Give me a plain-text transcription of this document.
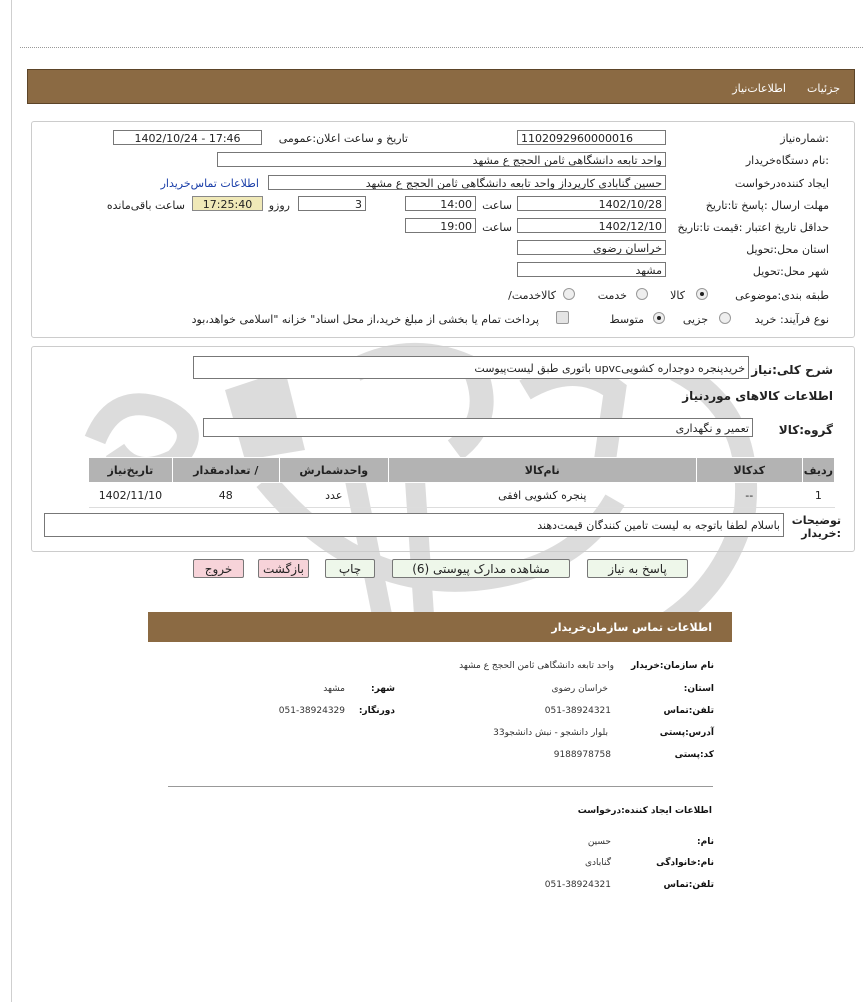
جزئیات
اطلاعات‌نیاز
شماره‌نیاز:
1102092960000016
تاریخ و ساعت اعلان:عمومی
1402/10/24 - 17:46
نام دستگاه‌خریدار:
واحد تابعه دانشگاهی ثامن الحجج ع مشهد
ایجاد کننده‌درخواست
حسین گنابادی کارپرداز واحد تابعه دانشگاهی ثامن الحجج ع مشهد
اطلاعات تماس‌خریدار
مهلت ارسال :پاسخ تا:تاریخ
1402/10/28
ساعت
14:00
3
روزو
17:25:40
ساعت باقی‌مانده
حداقل تاریخ اعتبار :قیمت تا:تاریخ
1402/12/10
ساعت
19:00
استان محل:تحویل
خراسان رضوی
شهر محل:تحویل
مشهد
طبقه بندی:موضوعی
کالا
خدمت
/کالاخدمت
نوع فرآیند: خرید
جزیی
متوسط
پرداخت تمام یا بخشی از مبلغ خرید،از محل اسناد" خزانه "اسلامی خواهد،بود
شرح کلی:نیاز
خریدپنجره دوجداره کشوییupvc باتوری طبق لیست‌پیوست
اطلاعات کالاهای موردنیاز
گروه:کالا
تعمیر و نگهداری
ردیف	کدکالا	نام‌کالا	واحدشمارش	/ تعدادمقدار	تاریخ‌نیاز
1	--	پنجره کشویی افقی	عدد	48	1402/11/10
توضیحات :خریدار
باسلام لطفا باتوجه به لیست تامین کنندگان قیمت‌دهند
پاسخ به نیاز
مشاهده مدارک پیوستی (6)
چاپ
بازگشت
خروج
اطلاعات تماس سازمان‌خریدار
نام سازمان:خریدار
واحد تابعه دانشگاهی ثامن الحجج ع مشهد
:استان
خراسان رضوی
:شهر
مشهد
تلفن:تماس
051-38924321
:دورنگار
051-38924329
آدرس:پستی
بلوار دانشجو - نبش دانشجو33
کد:پستی
9188978758
اطلاعات ایجاد کننده:درخواست
:نام
حسین
نام:خانوادگی
گنابادی
تلفن:تماس
051-38924321
